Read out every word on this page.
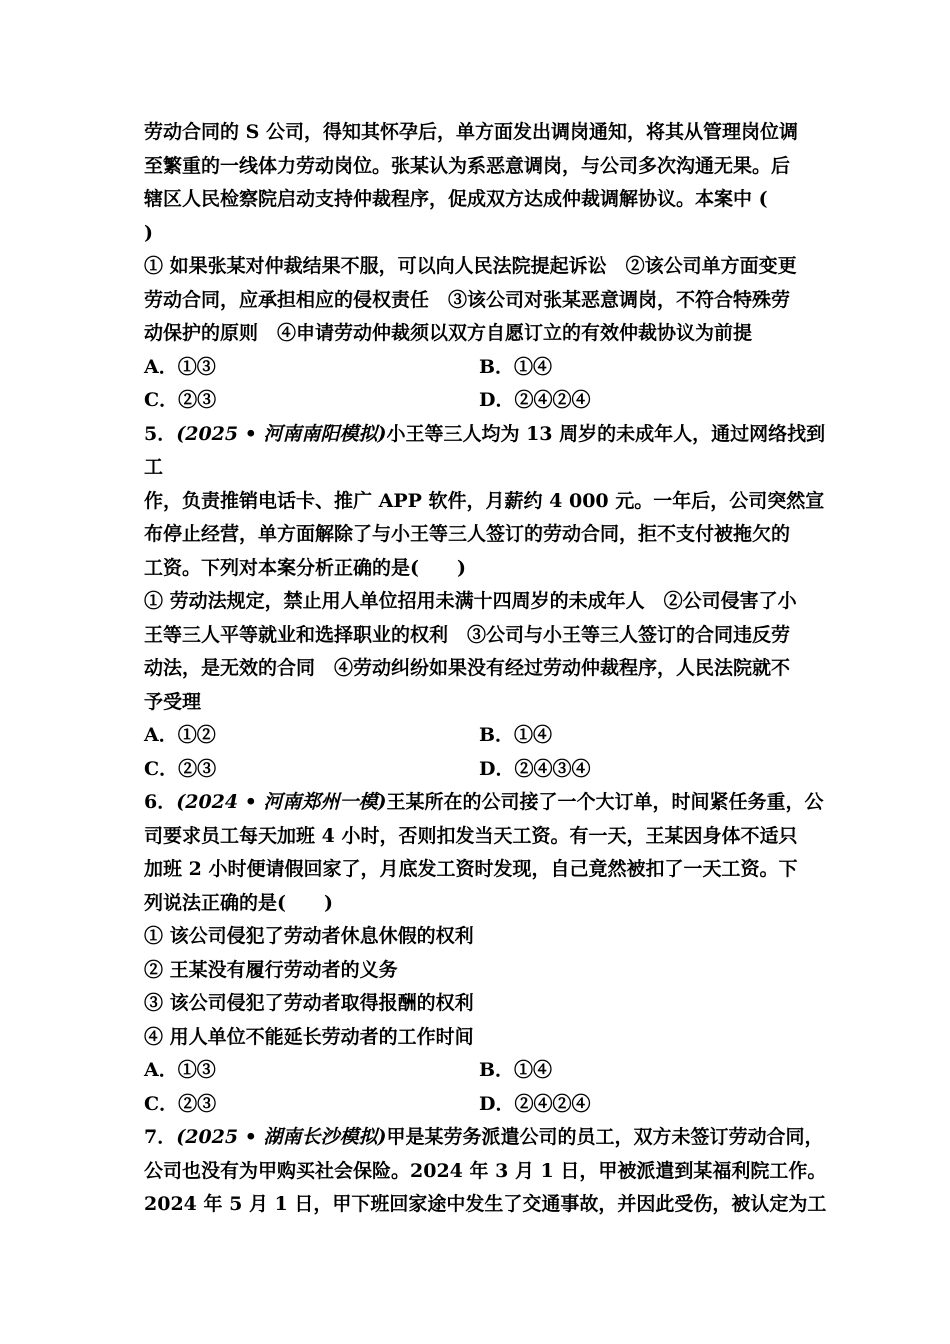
劳动合同的 S 公司，得知其怀孕后，单方面发出调岗通知，将其从管理岗位调

至繁重的一线体力劳动岗位。张某认为系恶意调岗，与公司多次沟通无果。后

辖区人民检察院启动支持仲裁程序，促成双方达成仲裁调解协议。本案中 (

)

① 如果张某对仲裁结果不服，可以向人民法院提起诉讼　②该公司单方面变更

劳动合同，应承担相应的侵权责任　③该公司对张某恶意调岗，不符合特殊劳

动保护的原则　④申请劳动仲裁须以双方自愿订立的有效仲裁协议为前提

A．①③	B．①④
C．②③	D．②④②④

5．(2025 • 河南南阳模拟)小王等三人均为 13 周岁的未成年人，通过网络找到工

作，负责推销电话卡、推广 APP 软件，月薪约 4 000 元。一年后，公司突然宣

布停止经营，单方面解除了与小王等三人签订的劳动合同，拒不支付被拖欠的

工资。下列对本案分析正确的是(　　)

① 劳动法规定，禁止用人单位招用未满十四周岁的未成年人　②公司侵害了小

王等三人平等就业和选择职业的权利　③公司与小王等三人签订的合同违反劳

动法，是无效的合同　④劳动纠纷如果没有经过劳动仲裁程序，人民法院就不

予受理

A．①②	B．①④
C．②③	D．②④③④

6．(2024 • 河南郑州一模)王某所在的公司接了一个大订单，时间紧任务重，公

司要求员工每天加班 4 小时，否则扣发当天工资。有一天，王某因身体不适只

加班 2 小时便请假回家了，月底发工资时发现，自己竟然被扣了一天工资。下

列说法正确的是(　　)

① 该公司侵犯了劳动者休息休假的权利

② 王某没有履行劳动者的义务

③ 该公司侵犯了劳动者取得报酬的权利

④ 用人单位不能延长劳动者的工作时间

A．①③	B．①④
C．②③	D．②④②④

7．(2025 • 湖南长沙模拟)甲是某劳务派遣公司的员工，双方未签订劳动合同，

公司也没有为甲购买社会保险。2024 年 3 月 1 日，甲被派遣到某福利院工作。

2024 年 5 月 1 日，甲下班回家途中发生了交通事故，并因此受伤，被认定为工
